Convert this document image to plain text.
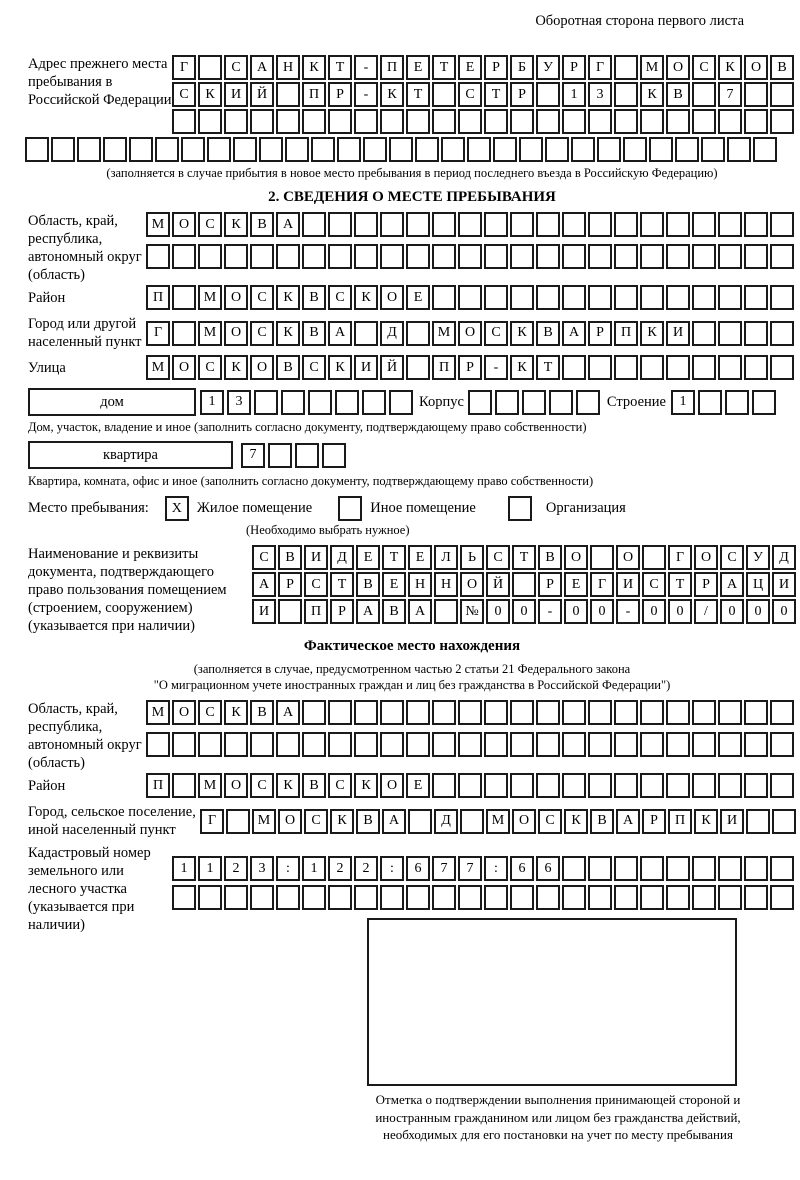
Оборотная сторона первого листа
Адрес прежнего места пребывания в Российской Федерации
Г	С	А	Н	К	Т	-	П	Е	Т	Е	Р	Б	У	Р	Г	М	О	С	К	О	В
С	К	И	Й	П	Р	-	К	Т	С	Т	Р	1	3	К	В	7
(заполняется в случае прибытия в новое место пребывания в период последнего въезда в Российскую Федерацию)
2. СВЕДЕНИЯ О МЕСТЕ ПРЕБЫВАНИЯ
Область, край, республика, автономный округ (область)
М	О	С	К	В	А
Район	П	М	О	С	К	В	С	К	О	Е
Город или другой населенный пункт
Г	М	О	С	К	В	А	Д	М	О	С	К	В	А	Р	П	К	И
Улица	М	О	С	К	О	В	С	К	И	Й	П	Р	-	К	Т
дом	1	3	Корпус	Строение 1
Дом, участок, владение и иное (заполнить согласно документу, подтверждающему право собственности)
квартира	7
Квартира, комната, офис и иное (заполнить согласно документу, подтверждающему право собственности)
Место пребывания:	X	Жилое помещение	Иное помещение	Организация
(Необходимо выбрать нужное)
Наименование и реквизиты документа, подтверждающего право пользования помещением (строением, сооружением) (указывается при наличии)
С	В	И	Д	Е	Т	Е	Л	Ь	С	Т	В	О	О	Г	О	С	У	Д
А	Р	С	Т	В	Е	Н	Н	О	Й	Р	Е	Г	И	С	Т	Р	А	Ц	И
И	П	Р	А	В	А	№	0	0	-	0	0	-	0	0	/	0	0	0
Фактическое место нахождения
(заполняется в случае, предусмотренном частью 2 статьи 21 Федерального закона
"О миграционном учете иностранных граждан и лиц без гражданства в Российской Федерации")
Область, край, республика, автономный округ (область)
М	О	С	К	В	А
Район	П	М	О	С	К	В	С	К	О	Е
Город, сельское поселение, иной населенный пункт
Г	М	О	С	К	В	А	Д	М	О	С	К	В	А	Р	П	К	И
Кадастровый номер земельного или лесного участка (указывается при наличии)
1	1	2	3	:	1	2	2	:	6	7	7	:	6	6
Отметка о подтверждении выполнения принимающей стороной и иностранным гражданином или лицом без гражданства действий, необходимых для его постановки на учет по месту пребывания
